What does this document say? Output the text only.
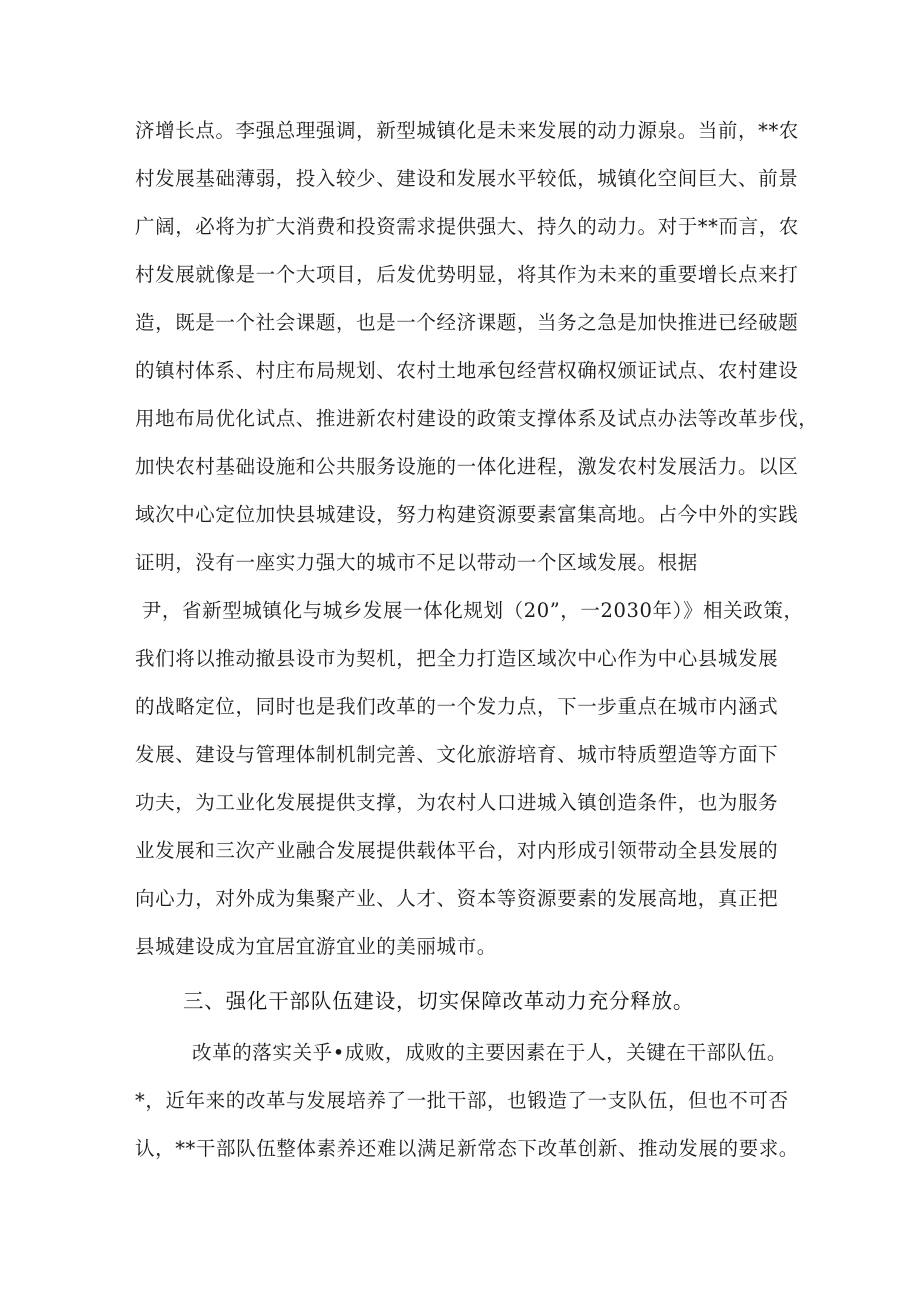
济增长点。李强总理强调，新型城镇化是未来发展的动力源泉。当前，**农
村发展基础薄弱，投入较少、建设和发展水平较低，城镇化空间巨大、前景
广阔，必将为扩大消费和投资需求提供强大、持久的动力。对于**而言，农
村发展就像是一个大项目，后发优势明显，将其作为未来的重要增长点来打
造，既是一个社会课题，也是一个经济课题，当务之急是加快推进已经破题
的镇村体系、村庄布局规划、农村土地承包经营权确权颁证试点、农村建设
用地布局优化试点、推进新农村建设的政策支撑体系及试点办法等改革步伐，
加快农村基础设施和公共服务设施的一体化进程，激发农村发展活力。以区
域次中心定位加快县城建设，努力构建资源要素富集高地。占今中外的实践
证明，没有一座实力强大的城市不足以带动一个区域发展。根据
尹，省新型城镇化与城乡发展一体化规划（20”，一2030年）》相关政策，
我们将以推动撤县设市为契机，把全力打造区域次中心作为中心县城发展
的战略定位，同时也是我们改革的一个发力点，下一步重点在城市内涵式
发展、建设与管理体制机制完善、文化旅游培育、城市特质塑造等方面下
功夫，为工业化发展提供支撑，为农村人口进城入镇创造条件，也为服务
业发展和三次产业融合发展提供载体平台，对内形成引领带动全县发展的
向心力，对外成为集聚产业、人才、资本等资源要素的发展高地，真正把
县城建设成为宜居宜游宜业的美丽城市。
三、强化干部队伍建设，切实保障改革动力充分释放。
改革的落实关乎•成败，成败的主要因素在于人，关键在干部队伍。
*，近年来的改革与发展培养了一批干部，也锻造了一支队伍，但也不可否
认，**干部队伍整体素养还难以满足新常态下改革创新、推动发展的要求。
